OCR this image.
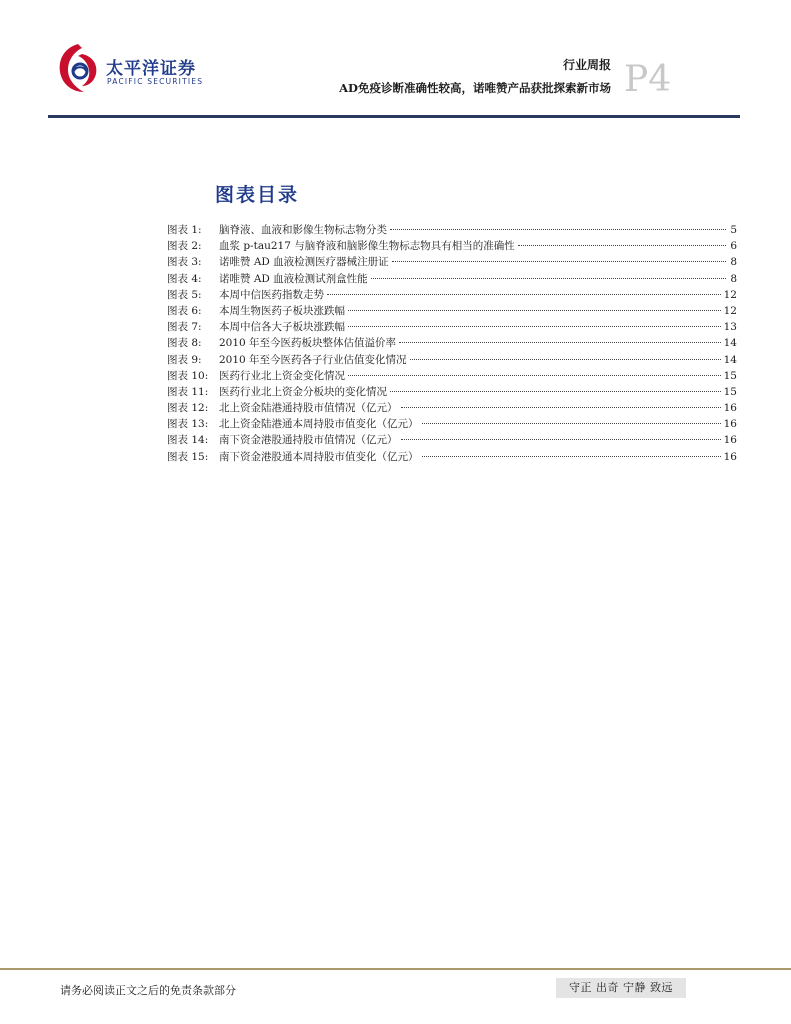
太平洋证券
PACIFIC SECURITIES
行业周报
AD免疫诊断准确性较高，诺唯赞产品获批探索新市场 P4
图表目录
图表 1:	脑脊液、血液和影像生物标志物分类	5
图表 2:	血浆 p-tau217 与脑脊液和脑影像生物标志物具有相当的准确性	6
图表 3:	诺唯赞 AD 血液检测医疗器械注册证	8
图表 4:	诺唯赞 AD 血液检测试剂盒性能	8
图表 5:	本周中信医药指数走势	12
图表 6:	本周生物医药子板块涨跌幅	12
图表 7:	本周中信各大子板块涨跌幅	13
图表 8:	2010 年至今医药板块整体估值溢价率	14
图表 9:	2010 年至今医药各子行业估值变化情况	14
图表 10:	医药行业北上资金变化情况	15
图表 11:	医药行业北上资金分板块的变化情况	15
图表 12:	北上资金陆港通持股市值情况（亿元）	16
图表 13:	北上资金陆港通本周持股市值变化（亿元）	16
图表 14:	南下资金港股通持股市值情况（亿元）	16
图表 15:	南下资金港股通本周持股市值变化（亿元）	16
请务必阅读正文之后的免责条款部分	守正 出奇 宁静 致远
